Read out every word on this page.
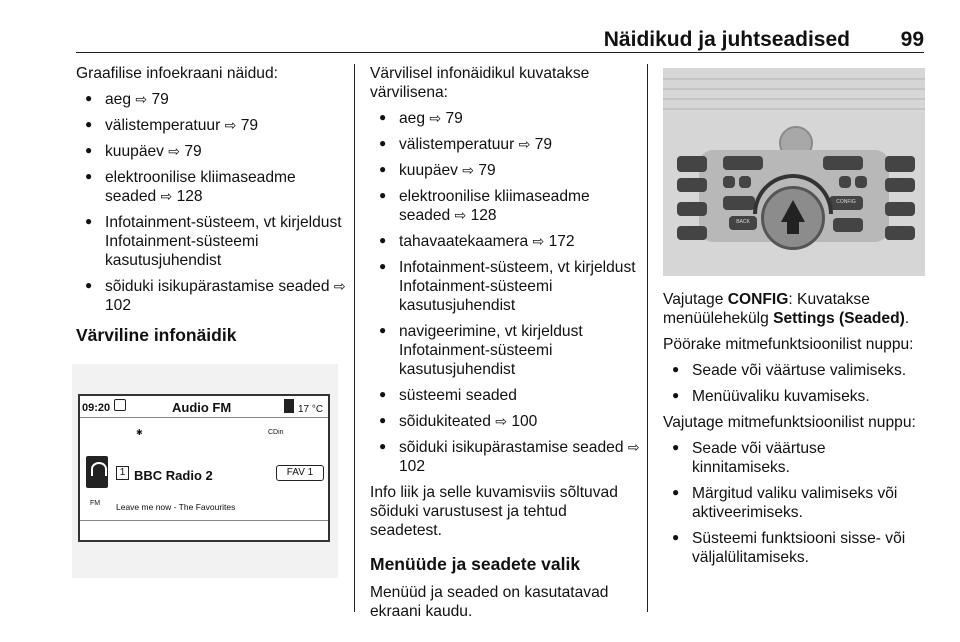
Näidikud ja juhtseadised 99

Graafilise infoekraani näidud:

● aeg ⇨ 79
● välistemperatuur ⇨ 79
● kuupäev ⇨ 79
● elektroonilise kliimaseadme seaded ⇨ 128
● Infotainment-süsteem, vt kirjeldust Infotainment-süsteemi kasutusjuhendist
● sõiduki isikupärastamise seaded ⇨ 102
Värviline infonäidik
09:20	Audio FM	17 °C
✱	CDin
FM
1 BBC Radio 2	FAV 1
Leave me now - The Favourites

Värvilisel infonäidikul kuvatakse värvilisena:

● aeg ⇨ 79
● välistemperatuur ⇨ 79
● kuupäev ⇨ 79
● elektroonilise kliimaseadme seaded ⇨ 128
● tahavaatekaamera ⇨ 172
● Infotainment-süsteem, vt kirjeldust Infotainment-süsteemi kasutusjuhendist
● navigeerimine, vt kirjeldust Infotainment-süsteemi kasutusjuhendist
● süsteemi seaded
● sõidukiteated ⇨ 100
● sõiduki isikupärastamise seaded ⇨ 102

Info liik ja selle kuvamisviis sõltuvad sõiduki varustusest ja tehtud seadetest.

Menüüde ja seadete valik

Menüüd ja seaded on kasutatavad ekraani kaudu.

BACK
CONFIG

Vajutage CONFIG: Kuvatakse menüülehekülg Settings (Seaded).

Pöörake mitmefunktsioonilist nuppu:

● Seade või väärtuse valimiseks.
● Menüüvaliku kuvamiseks.

Vajutage mitmefunktsioonilist nuppu:

● Seade või väärtuse kinnitamiseks.
● Märgitud valiku valimiseks või aktiveerimiseks.
● Süsteemi funktsiooni sisse- või väljalülitamiseks.
